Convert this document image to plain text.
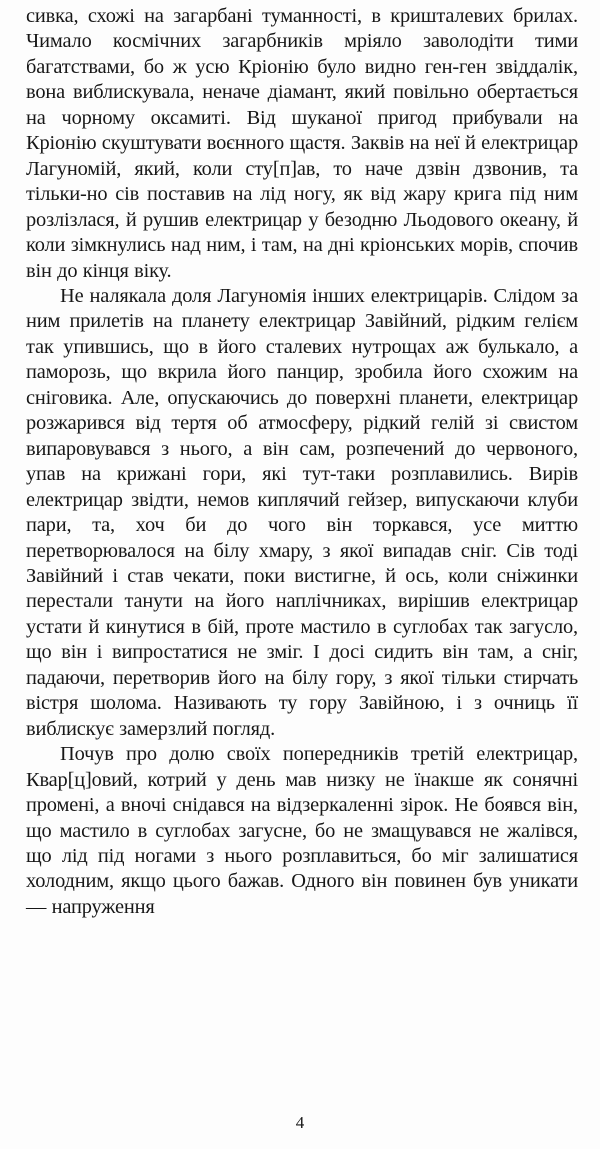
сивка, схожі на загарбані туманності, в кришталевих брилах. Чимало космічних загарбників мріяло заволодіти тими багатствами, бо ж усю Кріонію було видно ген-ген звіддалік, вона виблискувала, неначе діамант, який повільно обертається на чорному оксамиті. Від шуканої пригод прибували на Кріонію скуштувати воєнного щастя. Заквів на неї й електрицар Лагуномій, який, коли сту[п]ав, то наче дзвін дзвонив, та тільки-но сів поставив на лід ногу, як від жару крига під ним розлізлася, й рушив електрицар у безодню Льодового океану, й коли зімкнулись над ним, і там, на дні кріонських морів, спочив він до кінця віку.

Не налякала доля Лагуномія інших електрицарів. Слідом за ним прилетів на планету електрицар Завійний, рідким гелієм так упившись, що в його сталевих нутрощах аж булькало, а паморозь, що вкрила його панцир, зробила його схожим на сніговика. Але, опускаючись до поверхні планети, електрицар розжарився від тертя об атмосферу, рідкий гелій зі свистом випаровувався з нього, а він сам, розпечений до червоного, упав на крижані гори, які тут-таки розплавились. Вирів електрицар звідти, немов киплячий гейзер, випускаючи клуби пари, та, хоч би до чого він торкався, усе миттю перетворювалося на білу хмару, з якої випадав сніг. Сів тоді Завійний і став чекати, поки вистигне, й ось, коли сніжинки перестали танути на його наплічниках, вирішив електрицар устати й кинутися в бій, проте мастило в суглобах так загусло, що він і випростатися не зміг. І досі сидить він там, а сніг, падаючи, перетворив його на білу гору, з якої тільки стирчать вістря шолома. Називають ту гору Завійною, і з очниць її виблискує замерзлий погляд.

Почув про долю своїх попередників третій електрицар, Квар[ц]овий, котрий у день мав низку не їнакше як сонячні промені, а вночі снідався на відзеркаленні зірок. Не боявся він, що мастило в суглобах загусне, бо не змащувався не жалівся, що лід під ногами з нього розплавиться, бо міг залишатися холодним, якщо цього бажав. Одного він повинен був уникати — напруження

4
